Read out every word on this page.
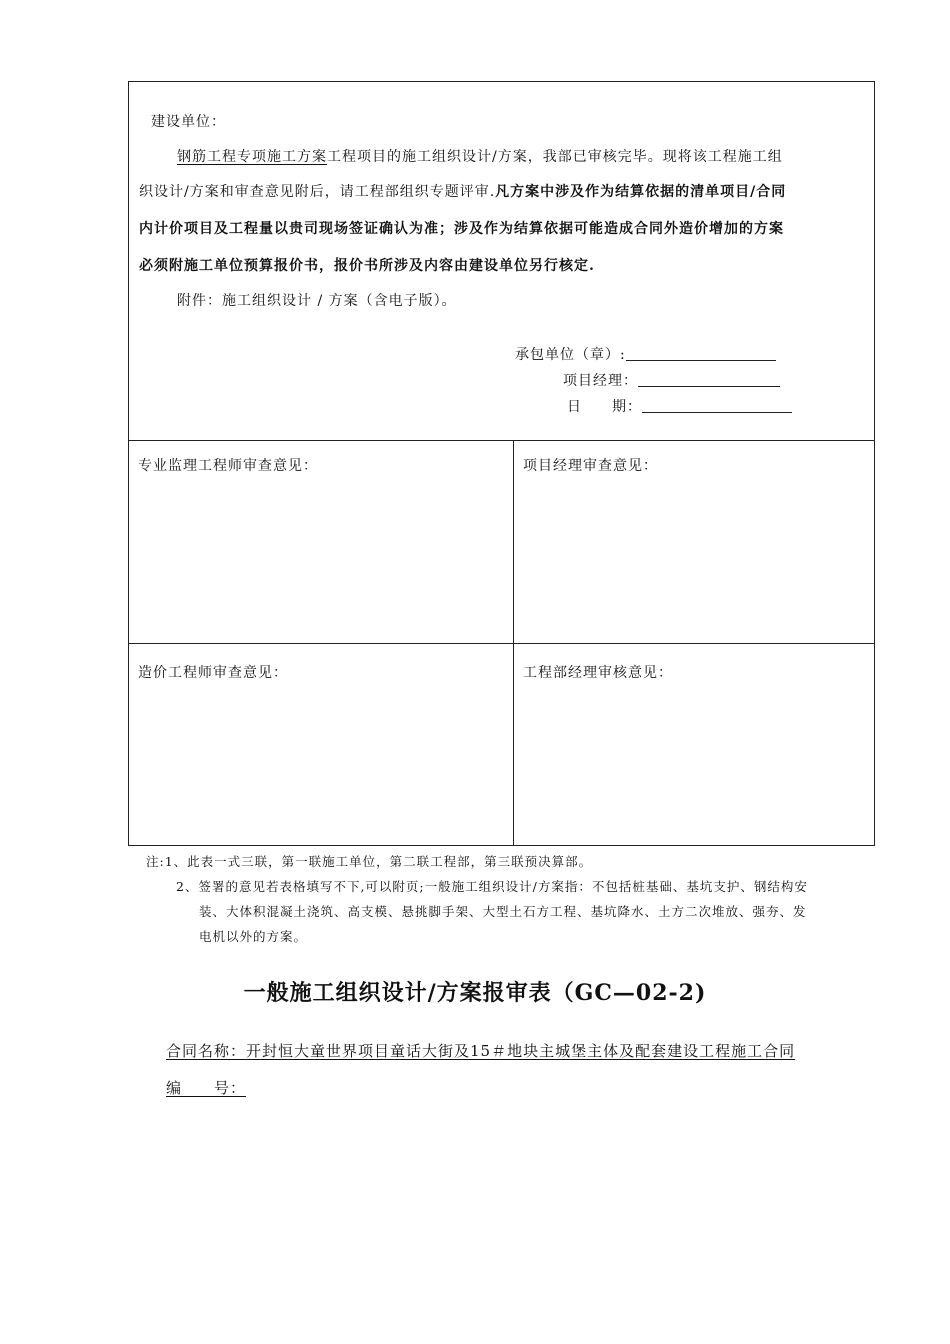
建设单位：
钢筋工程专项施工方案工程项目的施工组织设计/方案，我部已审核完毕。现将该工程施工组
织设计/方案和审查意见附后，请工程部组织专题评审.凡方案中涉及作为结算依据的清单项目/合同
内计价项目及工程量以贵司现场签证确认为准；涉及作为结算依据可能造成合同外造价增加的方案
必须附施工单位预算报价书，报价书所涉及内容由建设单位另行核定.
附件：施工组织设计 / 方案（含电子版）。
承包单位（章）:
项目经理：
日　　期：
专业监理工程师审查意见：	项目经理审查意见：
造价工程师审查意见：	工程部经理审核意见：
注:1、此表一式三联，第一联施工单位，第二联工程部，第三联预决算部。
2、签署的意见若表格填写不下,可以附页;一般施工组织设计/方案指：不包括桩基础、基坑支护、钢结构安
装、大体积混凝土浇筑、高支模、悬挑脚手架、大型土石方工程、基坑降水、土方二次堆放、强夯、发
电机以外的方案。
一般施工组织设计/方案报审表（GC—02-2)
合同名称：开封恒大童世界项目童话大街及15＃地块主城堡主体及配套建设工程施工合同
编　　号：
